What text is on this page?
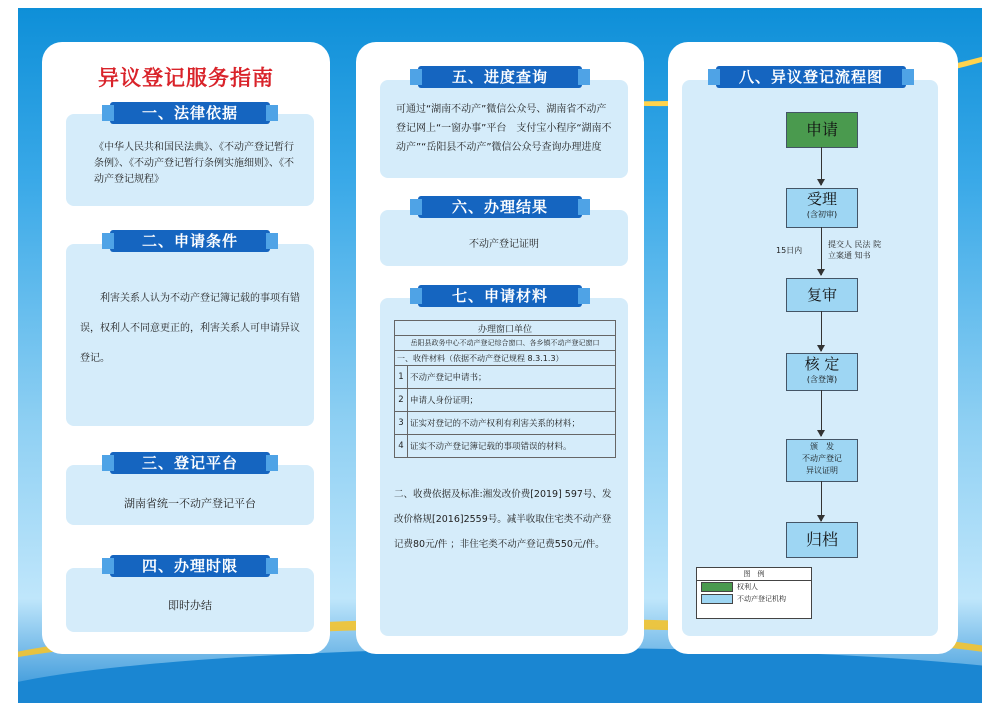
异议登记服务指南
《中华人民共和国民法典》、《不动产登记暂行条例》、《不动产登记暂行条例实施细则》、《不动产登记规程》
一、法律依据
利害关系人认为不动产登记簿记载的事项有错误，权利人不同意更正的，利害关系人可申请异议登记。
二、申请条件
湖南省统一不动产登记平台
三、登记平台
即时办结
四、办理时限
可通过“湖南不动产”微信公众号、湖南省不动产登记网上“一窗办事”平台　支付宝小程序“湖南不动产”“岳阳县不动产”微信公众号查询办理进度
五、进度查询
不动产登记证明
六、办理结果
七、申请材料
办理窗口单位	
岳阳县政务中心不动产登记综合窗口、各乡镇不动产登记窗口	
一、收件材料（依据不动产登记规程 8.3.1.3）	
1	不动产登记申请书；
2	申请人身份证明；
3	证实对登记的不动产权利有利害关系的材料；
4	证实不动产登记簿记载的事项错误的材料。
二、收费依据及标准:湘发改价费[2019] 597号、发改价格规[2016]2559号。减半收取住宅类不动产登记费80元/件 ；非住宅类不动产登记费550元/件。
八、异议登记流程图
申请
受理
(含初审)
15日内
提交人 民法 院
立案通 知书
复审
核 定
(含登簿)
颁　发
不动产登记
异议证明
归档
图　例
权利人
不动产登记机构
